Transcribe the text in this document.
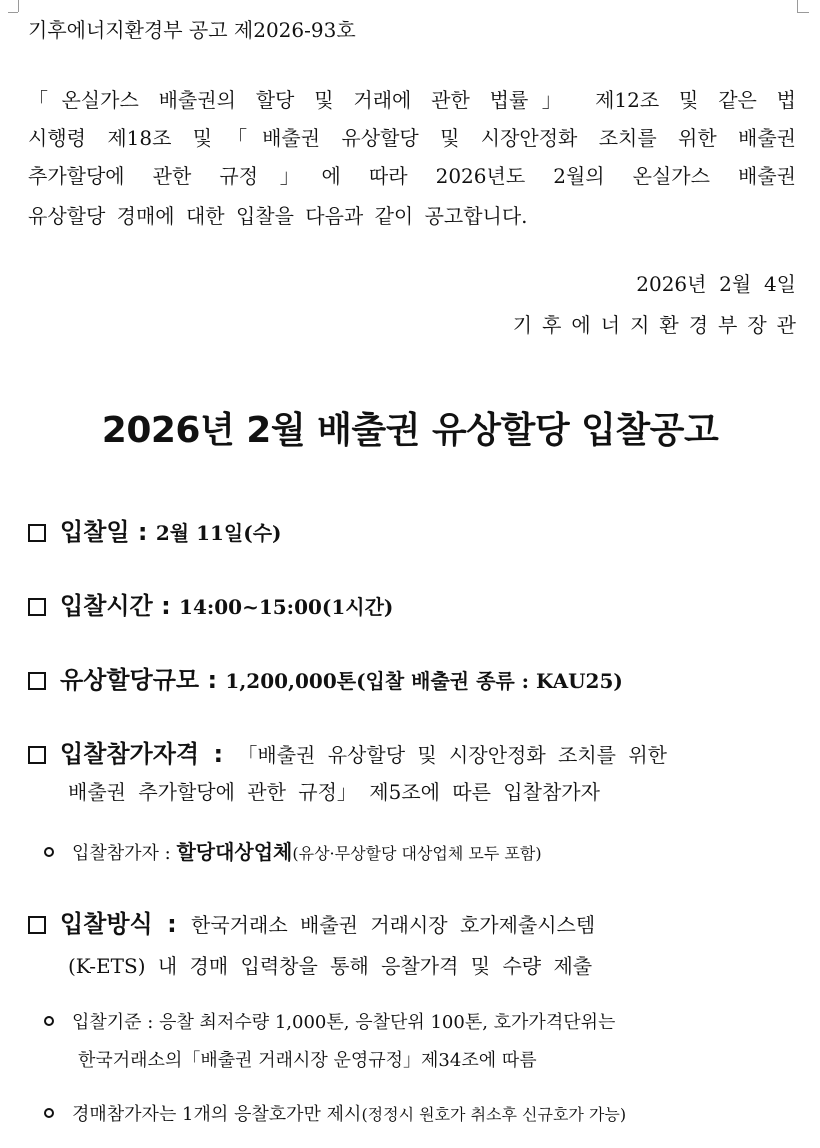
기후에너지환경부 공고 제2026-93호
「온실가스 배출권의 할당 및 거래에 관한 법률」 제12조 및 같은 법
시행령 제18조 및「배출권 유상할당 및 시장안정화 조치를 위한 배출권
추가할당에 관한 규정」에 따라 2026년도 2월의 온실가스 배출권
유상할당 경매에 대한 입찰을 다음과 같이 공고합니다.
2026년  2월  4일
기후에너지환경부장관
2026년 2월 배출권 유상할당 입찰공고
입찰일 : 2월 11일(수)
입찰시간 : 14:00~15:00(1시간)
유상할당규모 : 1,200,000톤(입찰 배출권 종류 : KAU25)
입찰참가자격 : 「배출권 유상할당 및 시장안정화 조치를 위한
배출권 추가할당에 관한 규정」 제5조에 따른 입찰참가자
입찰참가자 : 할당대상업체(유상·무상할당 대상업체 모두 포함)
입찰방식 : 한국거래소 배출권 거래시장 호가제출시스템
(K-ETS) 내 경매 입력창을 통해 응찰가격 및 수량 제출
입찰기준 : 응찰 최저수량 1,000톤, 응찰단위 100톤, 호가가격단위는
한국거래소의「배출권 거래시장 운영규정」제34조에 따름
경매참가자는 1개의 응찰호가만 제시(정정시 원호가 취소후 신규호가 가능)
